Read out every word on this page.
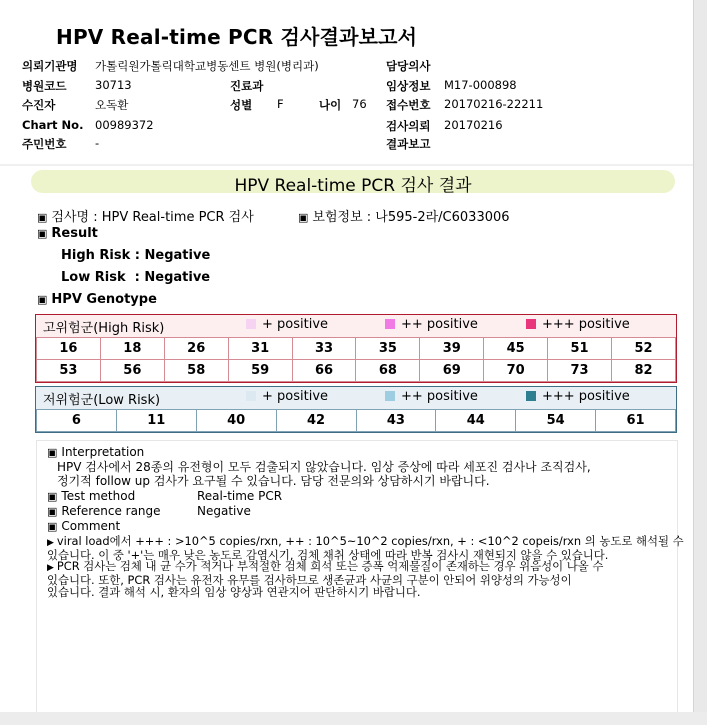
HPV Real-time PCR 검사결과보고서
의뢰기관명 가톨릭원가톨릭대학교병동센트 병원(병리과)
병원코드 30713
수진자	오독환
Chart No. 00989372
주민번호 -
진료과
성별 F	나이 76
담당의사
임상정보 M17-000898
접수번호 20170216-22211
검사의뢰 20170216
결과보고
HPV Real-time PCR 검사 결과
▣ 검사명 : HPV Real-time PCR 검사	▣ 보험정보 : 나595-2라/C6033006
▣ Result
High Risk : Negative
Low Risk  : Negative
▣ HPV Genotype
고위험군(High Risk)	+ positive	++ positive	+++ positive
16	18	26	31	33	35	39	45	51	52
53	56	58	59	66	68	69	70	73	82
저위험군(Low Risk)	+ positive	++ positive	+++ positive
6	11	40	42	43	44	54	61
▣ Interpretation
HPV 검사에서 28종의 유전형이 모두 검출되지 않았습니다. 임상 증상에 따라 세포진 검사나 조직검사,
정기적 follow up 검사가 요구될 수 있습니다. 담당 전문의와 상담하시기 바랍니다.
▣ Test method	Real-time PCR
▣ Reference range	Negative
▣ Comment
▶ viral load에서 +++ : >10^5 copies/rxn, ++ : 10^5~10^2 copies/rxn, + : <10^2 copeis/rxn 의 농도로 해석될 수
있습니다. 이 중 '+'는 매우 낮은 농도로 감염시기, 검체 채취 상태에 따라 반복 검사시 재현되지 않을 수 있습니다.
▶ PCR 검사는 검체 내 균 수가 적거나 부적절한 검체 희석 또는 증폭 억제물질이 존재하는 경우 위음성이 나올 수
있습니다. 또한, PCR 검사는 유전자 유무를 검사하므로 생존균과 사균의 구분이 안되어 위양성의 가능성이
있습니다. 결과 해석 시, 환자의 임상 양상과 연관지어 판단하시기 바랍니다.
